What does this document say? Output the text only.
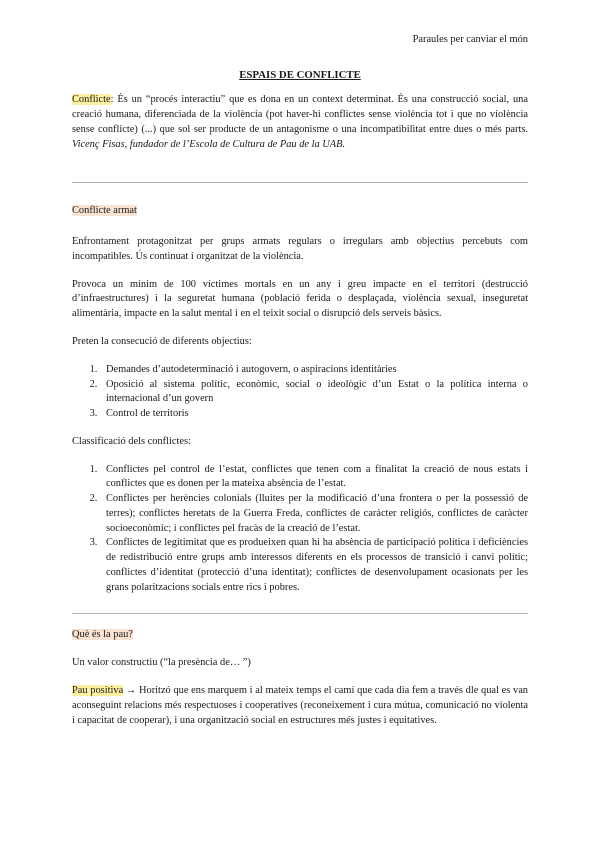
Paraules per canviar el món
ESPAIS DE CONFLICTE

Conflicte: És un “procés interactiu” que es dona en un context determinat. És una construcció social, una creació humana, diferenciada de la violència (pot haver-hi conflictes sense violència tot i que no violència sense conflicte) (...) que sol ser producte de un antagonisme o una incompatibilitat entre dues o més parts. Vicenç Fisas, fundador de l’Escola de Cultura de Pau de la UAB.

Conflicte armat

Enfrontament protagonitzat per grups armats regulars o irregulars amb objectius percebuts com incompatibles. Ús continuat i organitzat de la violència.

Provoca un mínim de 100 víctimes mortals en un any i greu impacte en el territori (destrucció d’infraestructures) i la seguretat humana (població ferida o desplaçada, violència sexual, inseguretat alimentària, impacte en la salut mental i en el teixit social o disrupció dels serveis bàsics.

Preten la consecució de diferents objectius:

1. Demandes d’autodeterminació i autogovern, o aspiracions identitàries
2. Oposició al sistema polític, econòmic, social o ideològic d’un Estat o la política interna o internacional d’un govern
3. Control de territoris

Classificació dels conflictes:

1. Conflictes pel control de l’estat, conflictes que tenen com a finalitat la creació de nous estats i conflictes que es donen per la mateixa absència de l’estat.
2. Conflictes per herències colonials (lluites per la modificació d’una frontera o per la possessió de terres); conflictes heretats de la Guerra Freda, conflictes de caràcter religiós, conflictes de caràcter socioeconòmic; i conflictes pel fracàs de la creació de l’estat.
3. Conflictes de legitimitat que es produeixen quan hi ha absència de participació política i deficiències de redistribució entre grups amb interessos diferents en els processos de transició i canvi polític; conflictes d’identitat (protecció d’una identitat); conflictes de desenvolupament ocasionats per les grans polaritzacions socials entre rics i pobres.

Què és la pau?

Un valor constructiu (“la presència de… ”)

Pau positiva → Horitzó que ens marquem i al mateix temps el camí que cada dia fem a través dle qual es van aconseguint relacions més respectuoses i cooperatives (reconeixement i cura mútua, comunicació no violenta i capacitat de cooperar), i una organització social en estructures més justes i equitatives.
